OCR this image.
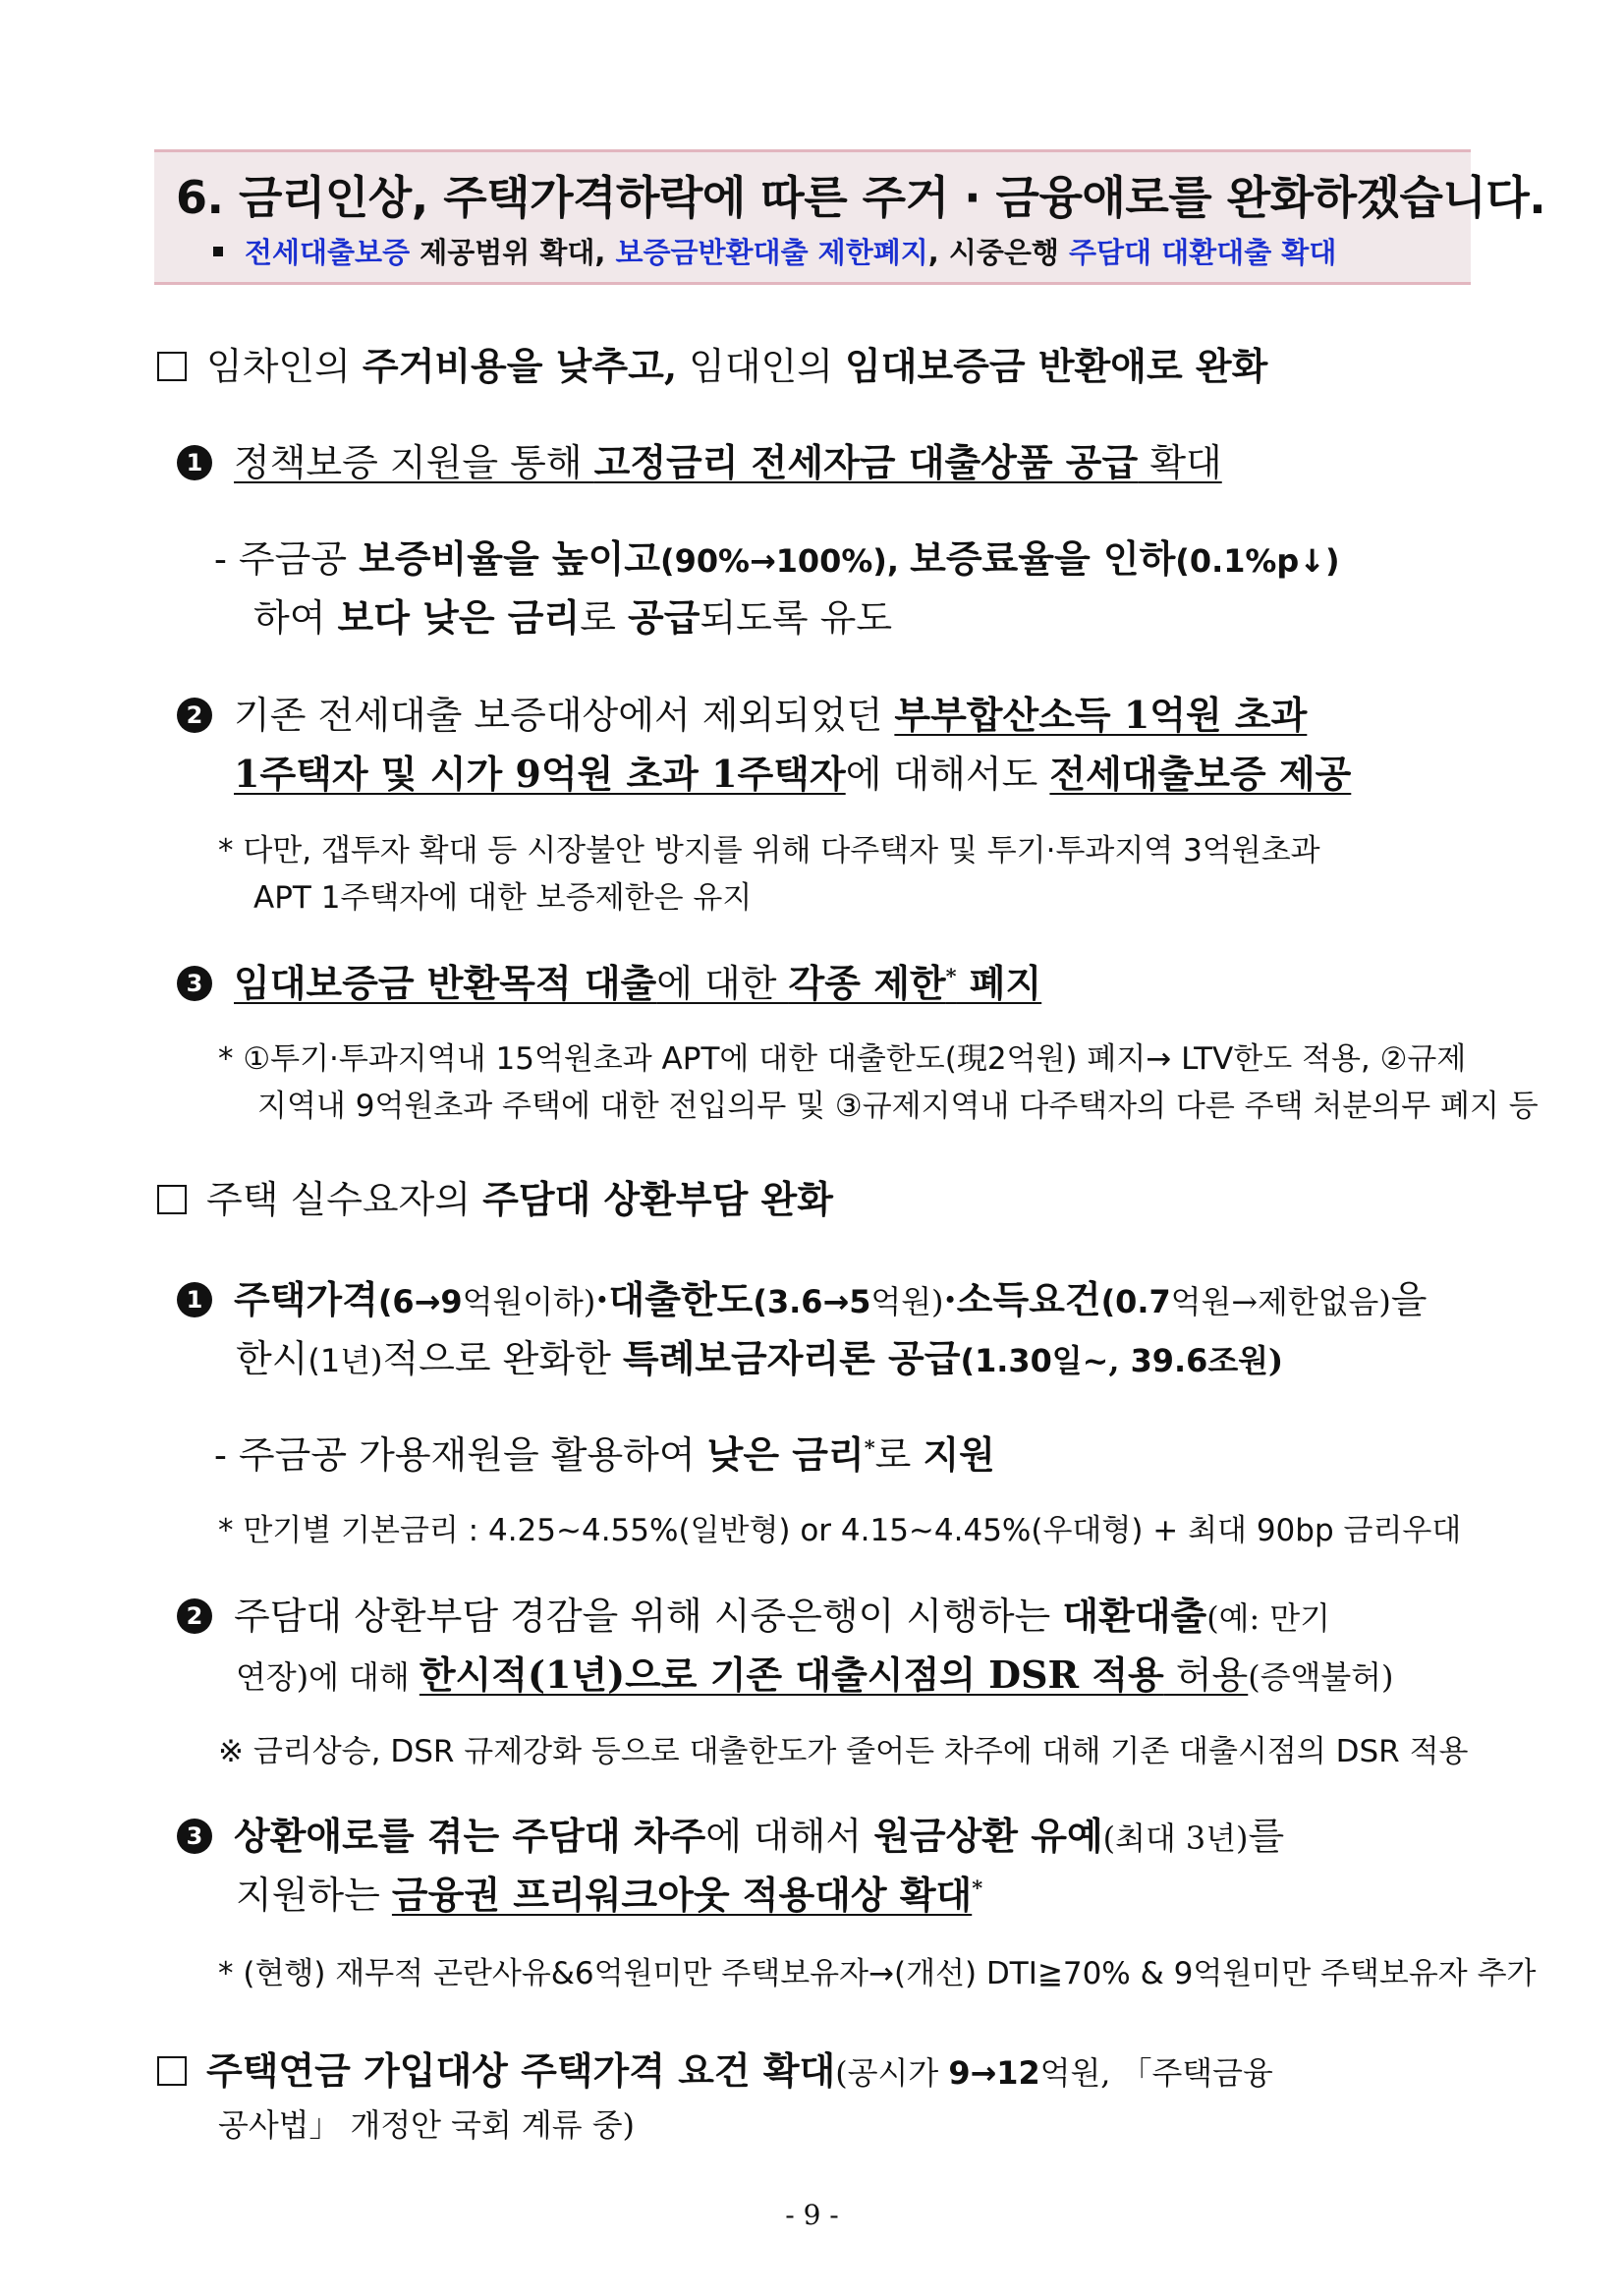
6. 금리인상, 주택가격하락에 따른 주거 · 금융애로를 완화하겠습니다.
전세대출보증 제공범위 확대, 보증금반환대출 제한폐지, 시중은행 주담대 대환대출 확대
임차인의 주거비용을 낮추고, 임대인의 임대보증금 반환애로 완화
1 정책보증 지원을 통해 고정금리 전세자금 대출상품 공급 확대
- 주금공 보증비율을 높이고(90%→100%), 보증료율을 인하(0.1%p↓)
하여 보다 낮은 금리로 공급되도록 유도
2 기존 전세대출 보증대상에서 제외되었던 부부합산소득 1억원 초과
1주택자 및 시가 9억원 초과 1주택자에 대해서도 전세대출보증 제공
* 다만, 갭투자 확대 등 시장불안 방지를 위해 다주택자 및 투기·투과지역 3억원초과
APT 1주택자에 대한 보증제한은 유지
3 임대보증금 반환목적 대출에 대한 각종 제한* 폐지
* ①투기·투과지역내 15억원초과 APT에 대한 대출한도(現2억원) 폐지→ LTV한도 적용, ②규제
지역내 9억원초과 주택에 대한 전입의무 및 ③규제지역내 다주택자의 다른 주택 처분의무 폐지 등
주택 실수요자의 주담대 상환부담 완화
1 주택가격(6→9억원이하)·대출한도(3.6→5억원)·소득요건(0.7억원→제한없음)을
한시(1년)적으로 완화한 특례보금자리론 공급(1.30일~, 39.6조원)
- 주금공 가용재원을 활용하여 낮은 금리*로 지원
* 만기별 기본금리 : 4.25~4.55%(일반형) or 4.15~4.45%(우대형) + 최대 90bp 금리우대
2 주담대 상환부담 경감을 위해 시중은행이 시행하는 대환대출(예: 만기
연장)에 대해 한시적(1년)으로 기존 대출시점의 DSR 적용 허용(증액불허)
※ 금리상승, DSR 규제강화 등으로 대출한도가 줄어든 차주에 대해 기존 대출시점의 DSR 적용
3 상환애로를 겪는 주담대 차주에 대해서 원금상환 유예(최대 3년)를
지원하는 금융권 프리워크아웃 적용대상 확대*
* (현행) 재무적 곤란사유&6억원미만 주택보유자→(개선) DTI≧70% & 9억원미만 주택보유자 추가
주택연금 가입대상 주택가격 요건 확대(공시가 9→12억원, 「주택금융
공사법」 개정안 국회 계류 중)
- 9 -
